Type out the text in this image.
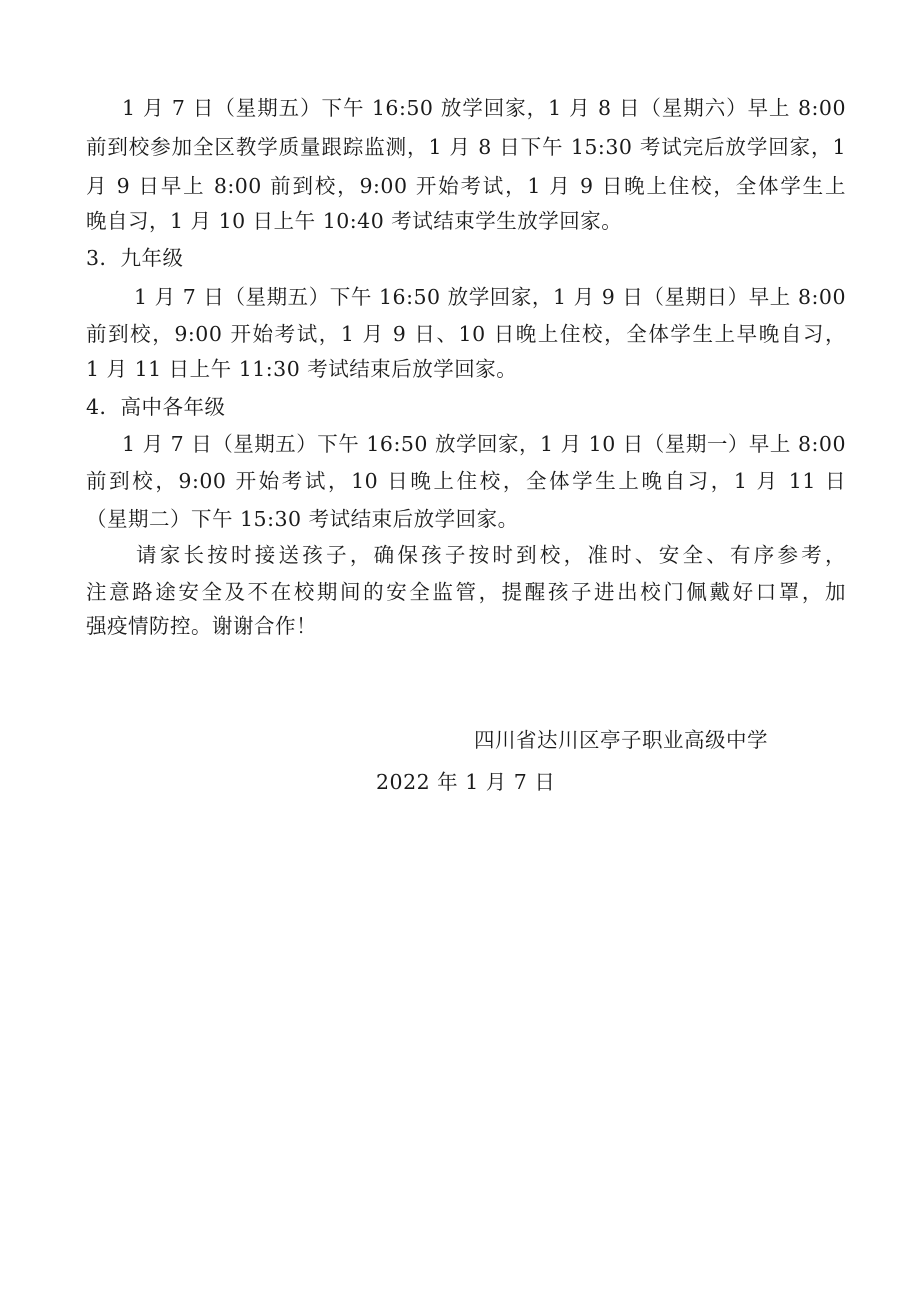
1 月 7 日（星期五）下午 16:50 放学回家，1 月 8 日（星期六）早上 8:00
前到校参加全区教学质量跟踪监测，1 月 8 日下午 15:30 考试完后放学回家，1
月 9 日早上 8:00 前到校，9:00 开始考试，1 月 9 日晚上住校，全体学生上
晚自习，1 月 10 日上午 10:40 考试结束学生放学回家。
3．九年级
1 月 7 日（星期五）下午 16:50 放学回家，1 月 9 日（星期日）早上 8:00
前到校，9:00 开始考试，1 月 9 日、10 日晚上住校，全体学生上早晚自习，
1 月 11 日上午 11:30 考试结束后放学回家。
4．高中各年级
1 月 7 日（星期五）下午 16:50 放学回家，1 月 10 日（星期一）早上 8:00
前到校，9:00 开始考试，10 日晚上住校，全体学生上晚自习，1 月 11 日
（星期二）下午 15:30 考试结束后放学回家。
请家长按时接送孩子，确保孩子按时到校，准时、安全、有序参考，
注意路途安全及不在校期间的安全监管，提醒孩子进出校门佩戴好口罩，加
强疫情防控。谢谢合作！
四川省达川区亭子职业高级中学
2022 年 1 月 7 日
